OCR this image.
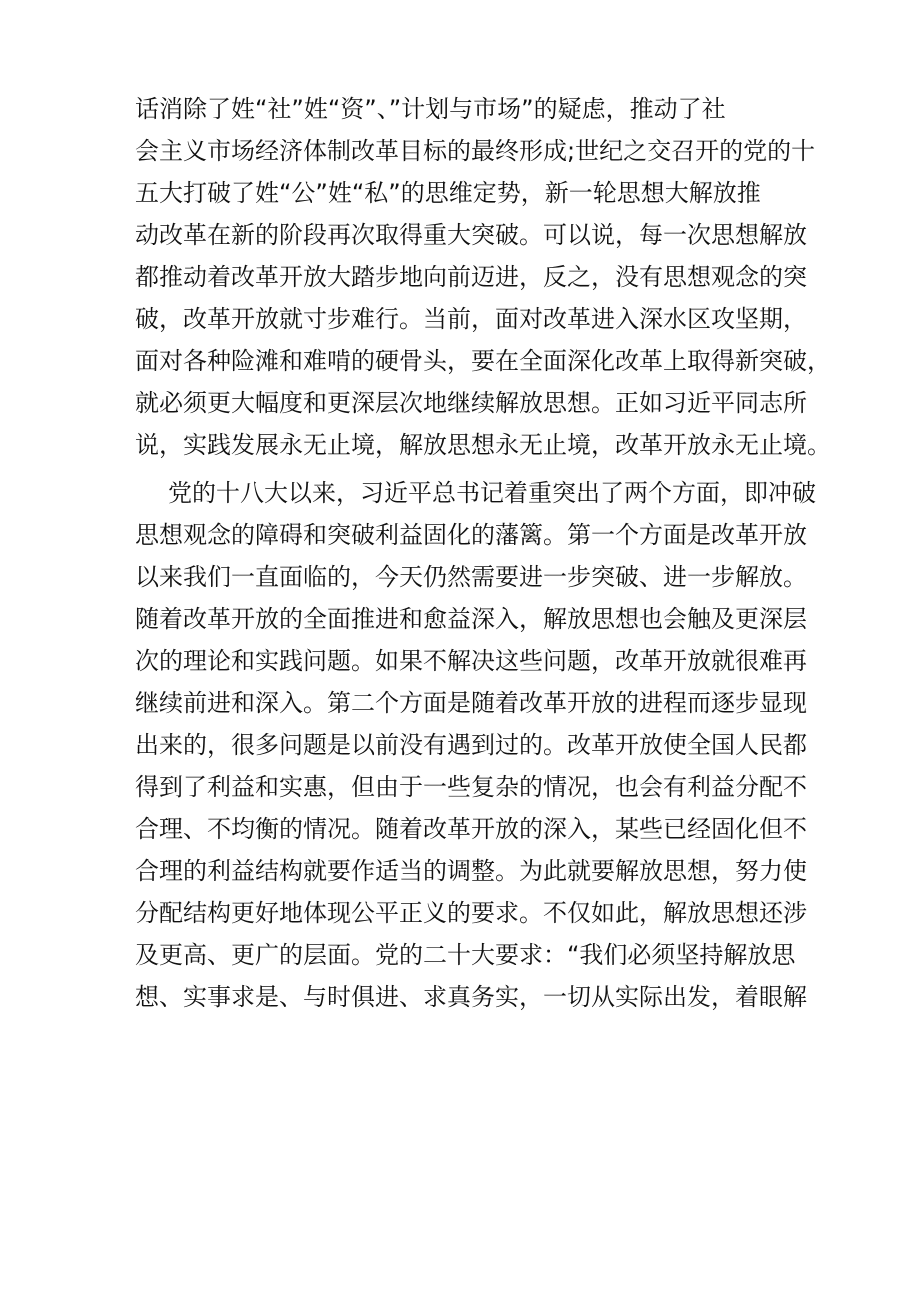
话消除了姓“社”姓“资”、”计划与市场”的疑虑，推动了社
会主义市场经济体制改革目标的最终形成;世纪之交召开的党的十
五大打破了姓“公”姓“私”的思维定势，新一轮思想大解放推
动改革在新的阶段再次取得重大突破。可以说，每一次思想解放
都推动着改革开放大踏步地向前迈进，反之，没有思想观念的突
破，改革开放就寸步难行。当前，面对改革进入深水区攻坚期，
面对各种险滩和难啃的硬骨头，要在全面深化改革上取得新突破，
就必须更大幅度和更深层次地继续解放思想。正如习近平同志所
说，实践发展永无止境，解放思想永无止境，改革开放永无止境。
党的十八大以来，习近平总书记着重突出了两个方面，即冲破
思想观念的障碍和突破利益固化的藩篱。第一个方面是改革开放
以来我们一直面临的，今天仍然需要进一步突破、进一步解放。
随着改革开放的全面推进和愈益深入，解放思想也会触及更深层
次的理论和实践问题。如果不解决这些问题，改革开放就很难再
继续前进和深入。第二个方面是随着改革开放的进程而逐步显现
出来的，很多问题是以前没有遇到过的。改革开放使全国人民都
得到了利益和实惠，但由于一些复杂的情况，也会有利益分配不
合理、不均衡的情况。随着改革开放的深入，某些已经固化但不
合理的利益结构就要作适当的调整。为此就要解放思想，努力使
分配结构更好地体现公平正义的要求。不仅如此，解放思想还涉
及更高、更广的层面。党的二十大要求：“我们必须坚持解放思
想、实事求是、与时俱进、求真务实，一切从实际出发，着眼解
